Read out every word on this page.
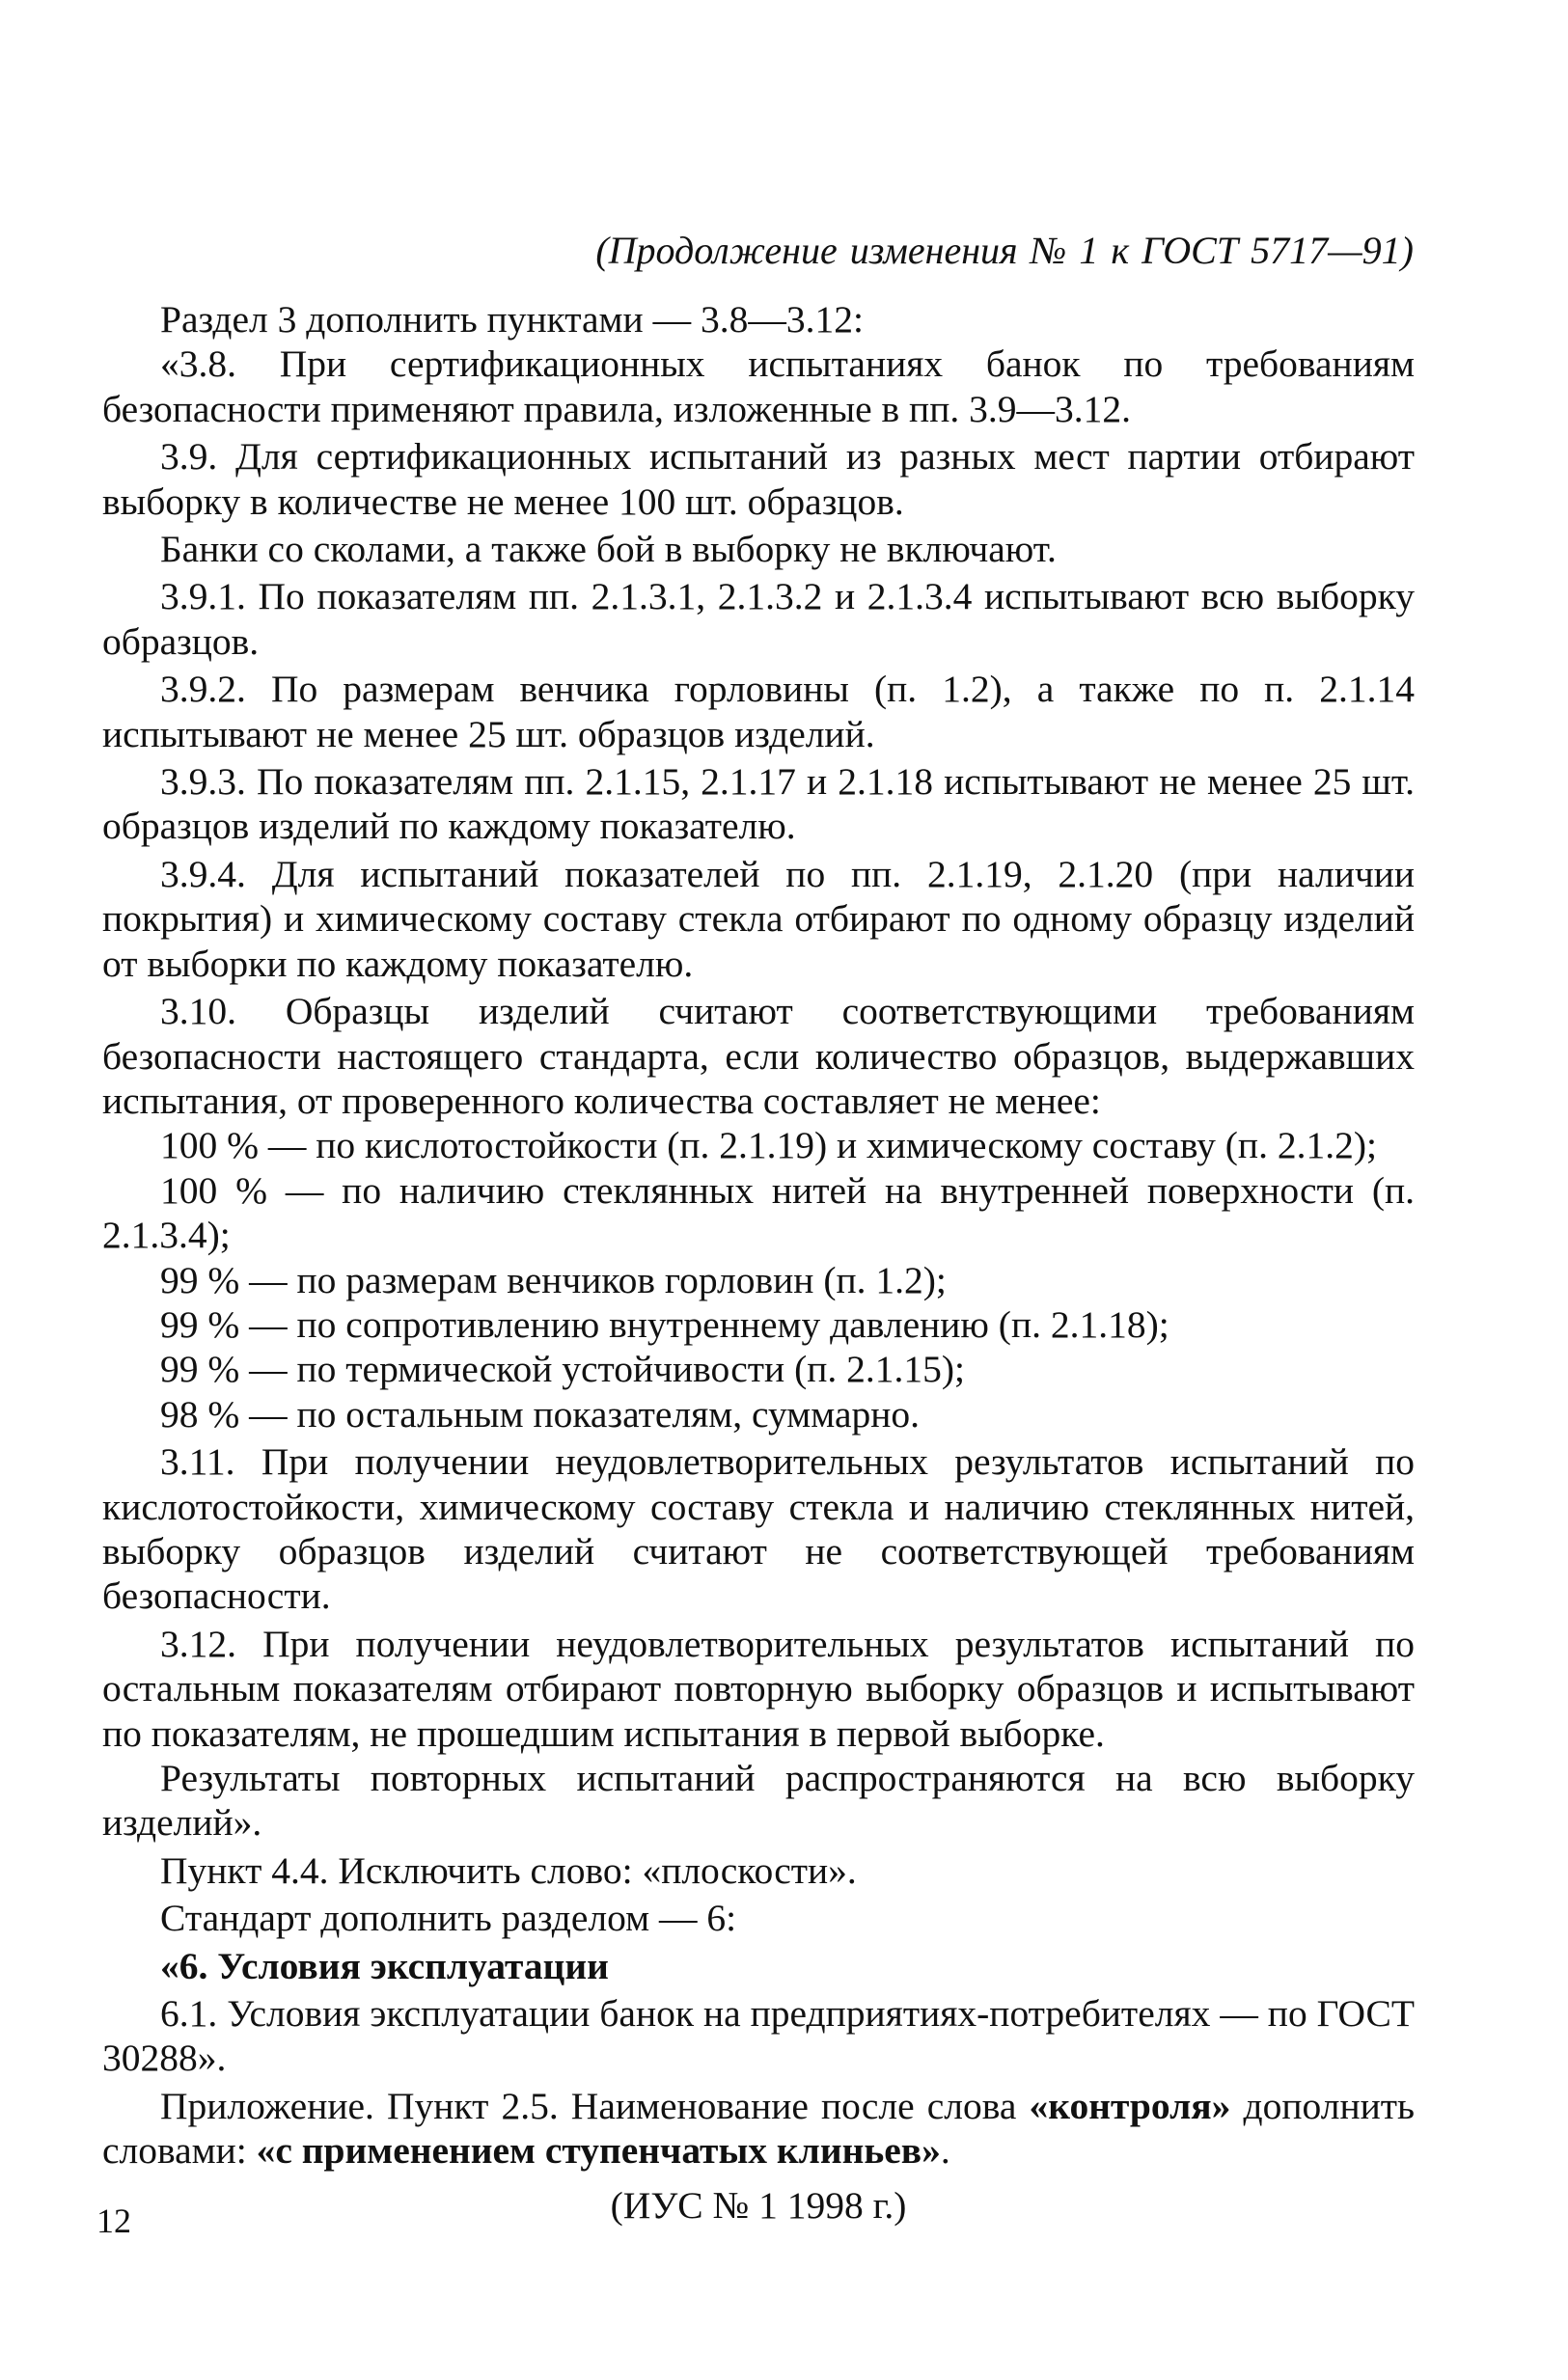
(Продолжение изменения № 1 к ГОСТ 5717—91)

Раздел 3 дополнить пунктами — 3.8—3.12:

«3.8. При сертификационных испытаниях банок по требованиям безопасности применяют правила, изложенные в пп. 3.9—3.12.

3.9. Для сертификационных испытаний из разных мест партии отбирают выборку в количестве не менее 100 шт. образцов.

Банки со сколами, а также бой в выборку не включают.

3.9.1. По показателям пп. 2.1.3.1, 2.1.3.2 и 2.1.3.4 испытывают всю выборку образцов.

3.9.2. По размерам венчика горловины (п. 1.2), а также по п. 2.1.14 испытывают не менее 25 шт. образцов изделий.

3.9.3. По показателям пп. 2.1.15, 2.1.17 и 2.1.18 испытывают не менее 25 шт. образцов изделий по каждому показателю.

3.9.4. Для испытаний показателей по пп. 2.1.19, 2.1.20 (при наличии покрытия) и химическому составу стекла отбирают по одному образцу изделий от выборки по каждому показателю.

3.10. Образцы изделий считают соответствующими требованиям безопасности настоящего стандарта, если количество образцов, выдержавших испытания, от проверенного количества составляет не менее:

100 % — по кислотостойкости (п. 2.1.19) и химическому составу (п. 2.1.2);

100 % — по наличию стеклянных нитей на внутренней поверхности (п. 2.1.3.4);

99 % — по размерам венчиков горловин (п. 1.2);

99 % — по сопротивлению внутреннему давлению (п. 2.1.18);

99 % — по термической устойчивости (п. 2.1.15);

98 % — по остальным показателям, суммарно.

3.11. При получении неудовлетворительных результатов испытаний по кислотостойкости, химическому составу стекла и наличию стеклянных нитей, выборку образцов изделий считают не соответствующей требованиям безопасности.

3.12. При получении неудовлетворительных результатов испытаний по остальным показателям отбирают повторную выборку образцов и испытывают по показателям, не прошедшим испытания в первой выборке.

Результаты повторных испытаний распространяются на всю выборку изделий».

Пункт 4.4. Исключить слово: «плоскости».

Стандарт дополнить разделом — 6:

«6. Условия эксплуатации

6.1. Условия эксплуатации банок на предприятиях-потребителях — по ГОСТ 30288».

Приложение. Пункт 2.5. Наименование после слова «контроля» дополнить словами: «с применением ступенчатых клиньев».

(ИУС № 1 1998 г.)

12
